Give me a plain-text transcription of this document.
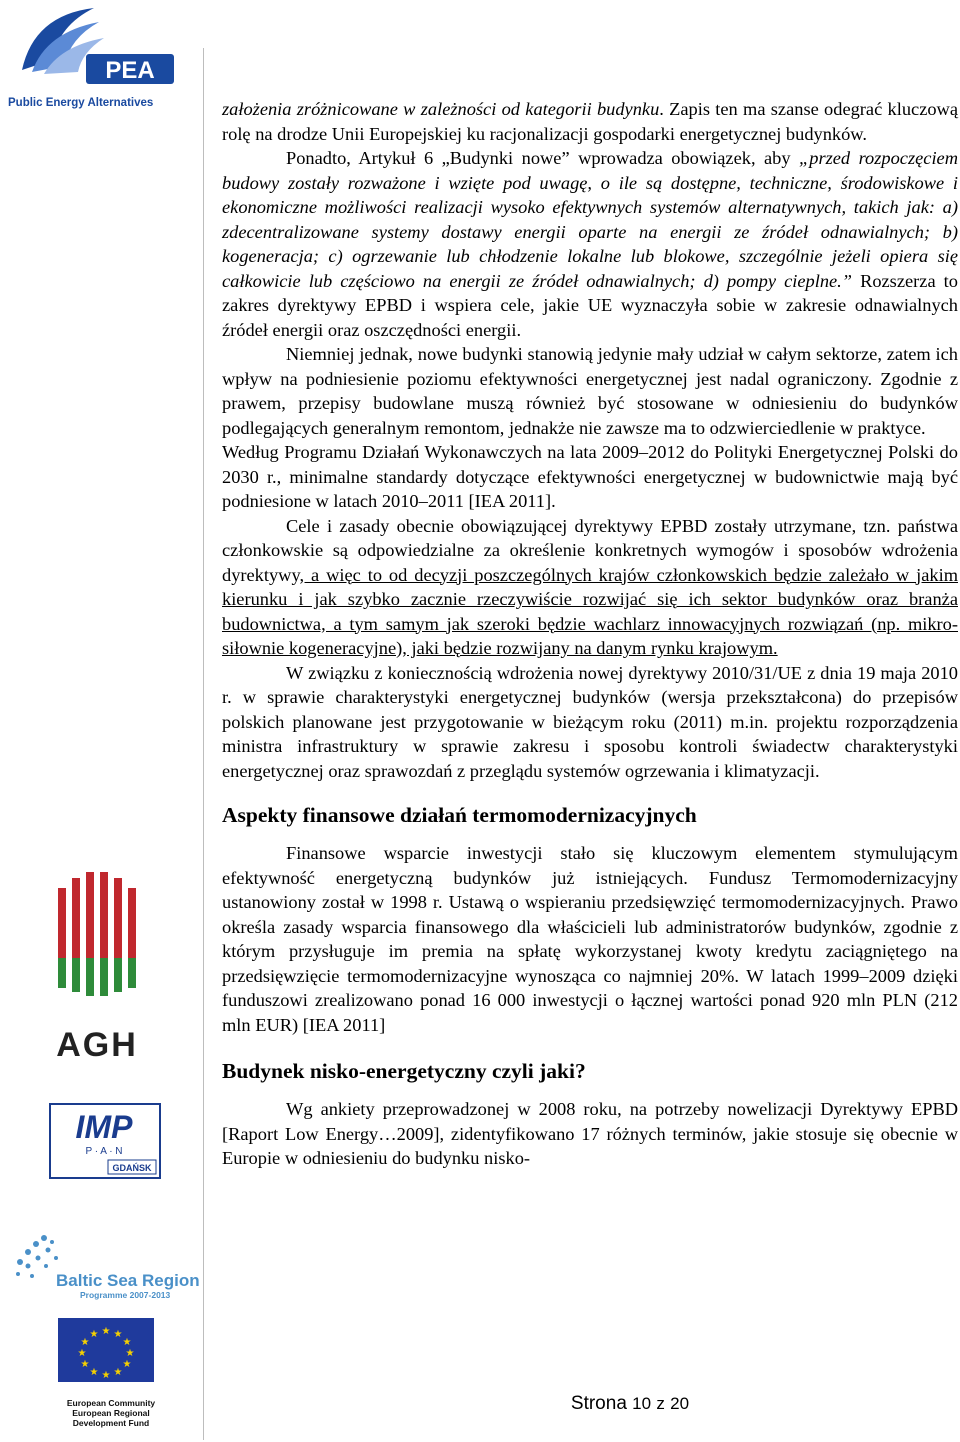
PEA
Public Energy Alternatives
AGH
IMP
P · A · N
GDAŃSK
Baltic Sea Region
Programme 2007-2013
★ ★
★
★
★
★
★
★
★
★
★
★
European Community
European Regional
Development Fund

założenia zróżnicowane w zależności od kategorii budynku. Zapis ten ma szanse odegrać kluczową rolę na drodze Unii Europejskiej ku racjonalizacji gospodarki energetycznej budynków.

Ponadto, Artykuł 6 „Budynki nowe” wprowadza obowiązek, aby „przed rozpoczęciem budowy zostały rozważone i wzięte pod uwagę, o ile są dostępne, techniczne, środowiskowe i ekonomiczne możliwości realizacji wysoko efektywnych systemów alternatywnych, takich jak: a) zdecentralizowane systemy dostawy energii oparte na energii ze źródeł odnawialnych; b) kogeneracja; c) ogrzewanie lub chłodzenie lokalne lub blokowe, szczególnie jeżeli opiera się całkowicie lub częściowo na energii ze źródeł odnawialnych; d) pompy cieplne.” Rozszerza to zakres dyrektywy EPBD i wspiera cele, jakie UE wyznaczyła sobie w zakresie odnawialnych źródeł energii oraz oszczędności energii.

Niemniej jednak, nowe budynki stanowią jedynie mały udział w całym sektorze, zatem ich wpływ na podniesienie poziomu efektywności energetycznej jest nadal ograniczony. Zgodnie z prawem, przepisy budowlane muszą również być stosowane w odniesieniu do budynków podlegających generalnym remontom, jednakże nie zawsze ma to odzwierciedlenie w praktyce.

Według Programu Działań Wykonawczych na lata 2009–2012 do Polityki Energetycznej Polski do 2030 r., minimalne standardy dotyczące efektywności energetycznej w budownictwie mają być podniesione w latach 2010–2011 [IEA 2011].

Cele i zasady obecnie obowiązującej dyrektywy EPBD zostały utrzymane, tzn. państwa członkowskie są odpowiedzialne za określenie konkretnych wymogów i sposobów wdrożenia dyrektywy, a więc to od decyzji poszczególnych krajów członkowskich będzie zależało w jakim kierunku i jak szybko zacznie rzeczywiście rozwijać się ich sektor budynków oraz branża budownictwa, a tym samym jak szeroki będzie wachlarz innowacyjnych rozwiązań (np. mikro-siłownie kogeneracyjne), jaki będzie rozwijany na danym rynku krajowym.

W związku z koniecznością wdrożenia nowej dyrektywy 2010/31/UE z dnia 19 maja 2010 r. w sprawie charakterystyki energetycznej budynków (wersja przekształcona) do przepisów polskich planowane jest przygotowanie w bieżącym roku (2011) m.in. projektu rozporządzenia ministra infrastruktury w sprawie zakresu i sposobu kontroli świadectw charakterystyki energetycznej oraz sprawozdań z przeglądu systemów ogrzewania i klimatyzacji.

Aspekty finansowe działań termomodernizacyjnych

Finansowe wsparcie inwestycji stało się kluczowym elementem stymulującym efektywność energetyczną budynków już istniejących. Fundusz Termomodernizacyjny ustanowiony został w 1998 r. Ustawą o wspieraniu przedsięwzięć termomodernizacyjnych. Prawo określa zasady wsparcia finansowego dla właścicieli lub administratorów budynków, zgodnie z którym przysługuje im premia na spłatę wykorzystanej kwoty kredytu zaciągniętego na przedsięwzięcie termomodernizacyjne wynosząca co najmniej 20%. W latach 1999–2009 dzięki funduszowi zrealizowano ponad 16 000 inwestycji o łącznej wartości ponad 920 mln PLN (212 mln EUR) [IEA 2011]

Budynek nisko-energetyczny czyli jaki?

Wg ankiety przeprowadzonej w 2008 roku, na potrzeby nowelizacji Dyrektywy EPBD [Raport Low Energy…2009], zidentyfikowano 17 różnych terminów, jakie stosuje się obecnie w Europie w odniesieniu do budynku nisko-

Strona 10 z 20
